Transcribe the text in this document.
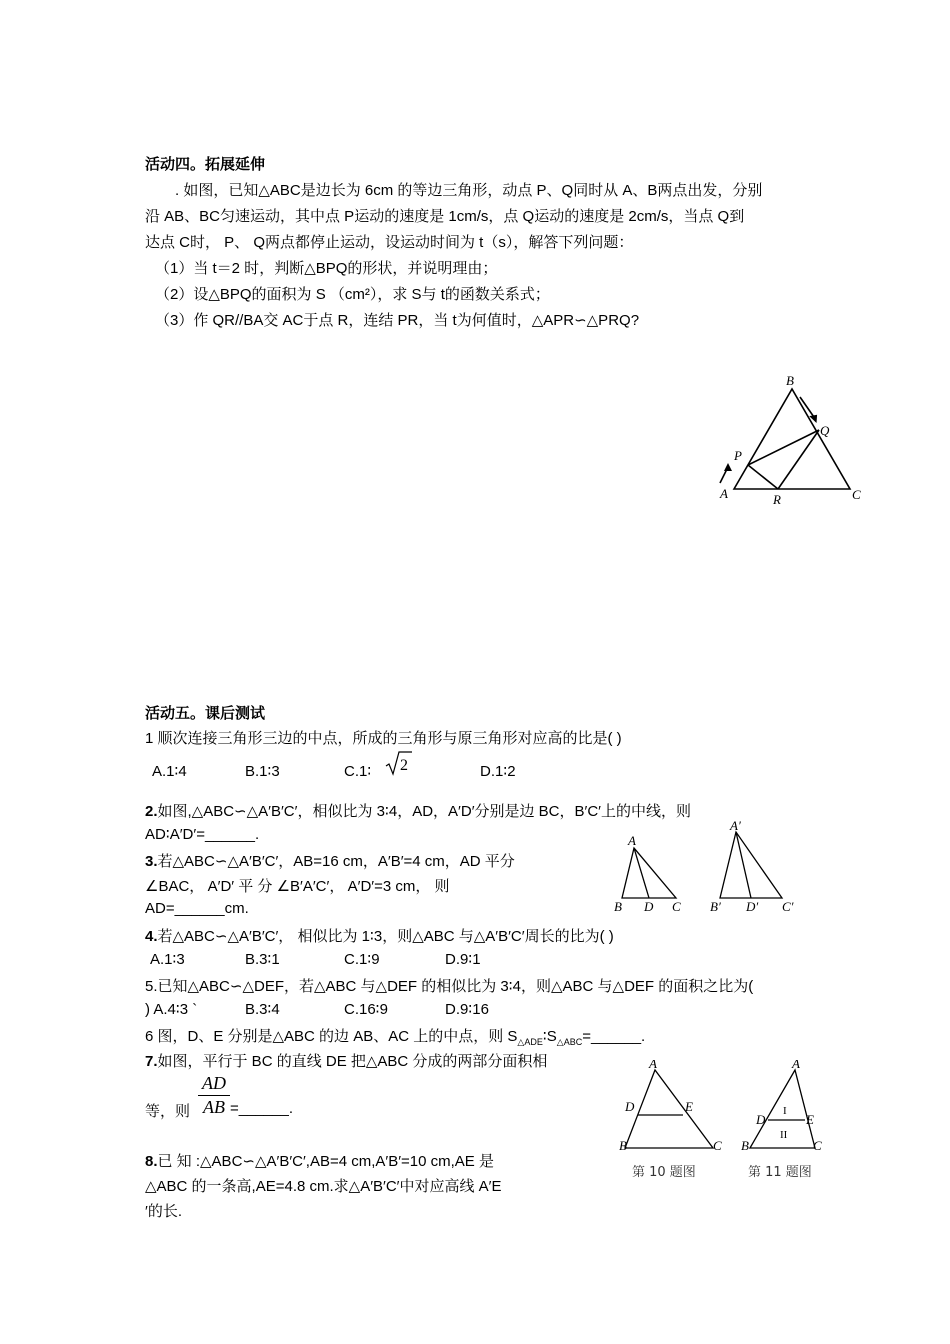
活动四。拓展延伸
. 如图，已知△ABC是边长为 6cm 的等边三角形，动点 P、Q同时从 A、B两点出发，分别
沿 AB、BC匀速运动，其中点 P运动的速度是 1cm/s，点 Q运动的速度是 2cm/s，当点 Q到
达点 C时， P、 Q两点都停止运动，设运动时间为 t（s），解答下列问题：
（1）当 t＝2 时，判断△BPQ的形状，并说明理由；
（2）设△BPQ的面积为 S （cm²），求 S与 t的函数关系式；
（3）作 QR//BA交 AC于点 R，连结 PR，当 t为何值时，△APR∽△PRQ?
B
Q
P
A	R	C
活动五。课后测试
1 顺次连接三角形三边的中点，所成的三角形与原三角形对应高的比是( )
A.1∶4	B.1∶3	C.1∶ 2	D.1∶2
2.如图,△ABC∽△A′B′C′，相似比为 3∶4，AD，A′D′分别是边 BC，B′C′上的中线，则
AD∶A′D′=______.
3.若△ABC∽△A′B′C′，AB=16 cm，A′B′=4 cm，AD 平分
∠BAC， A′D′ 平 分 ∠B′A′C′， A′D′=3 cm， 则
AD=______cm.
A
B D C
A′
B′ D′ C′
4.若△ABC∽△A′B′C′， 相似比为 1∶3，则△ABC 与△A′B′C′周长的比为( )
A.1∶3	B.3∶1	C.1∶9	D.9∶1
5.已知△ABC∽△DEF，若△ABC 与△DEF 的相似比为 3∶4，则△ABC 与△DEF 的面积之比为(
) A.4∶3 `	B.3∶4	C.16∶9	D.9∶16
6 图，D、E 分别是△ABC 的边 AB、AC 上的中点，则 $S_{\triangle ADE}∶S_{\triangle ABC}=\_\_\_\_\_\_$.
7.如图，平行于 BC 的直线 DE 把△ABC 分成的两部分面积相
等，则
AD
AB =______.
8.已 知 :△ABC∽△A′B′C′,AB=4 cm,A′B′=10 cm,AE 是
△ABC 的一条高,AE=4.8 cm.求△A′B′C′中对应高线 A′E
′的长.
A
D	E
B	C
A
D	E
B	C
I
II
第 10 题图	第 11 题图
